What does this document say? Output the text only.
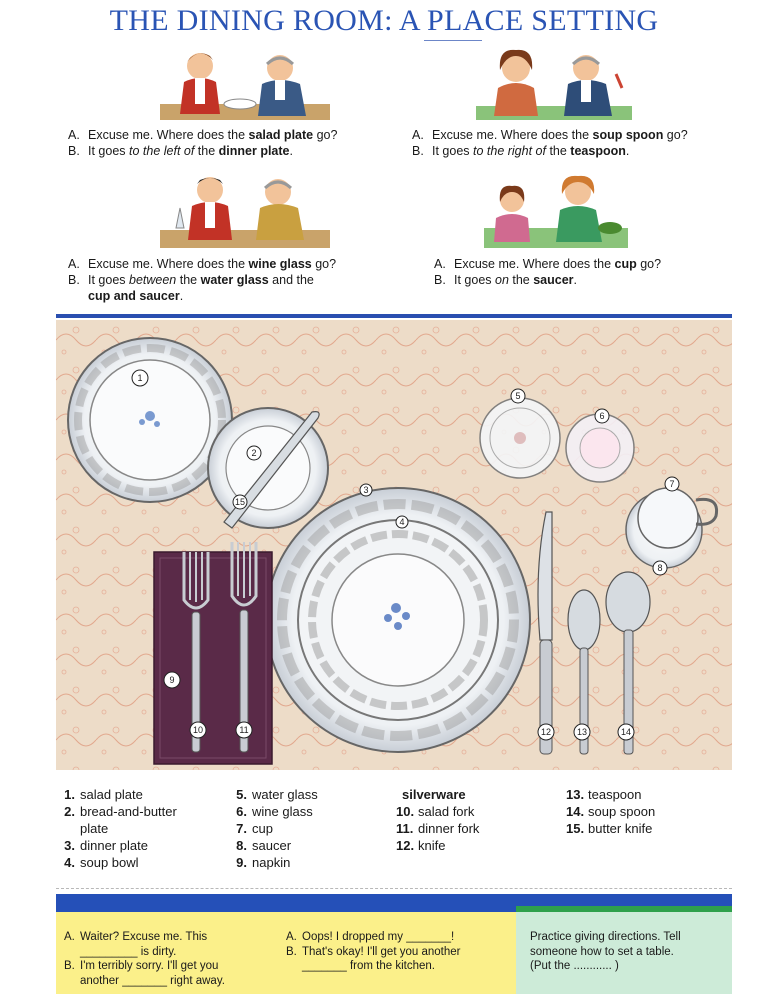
THE DINING ROOM: A PLACE SETTING
A. Excuse me. Where does the salad plate go?
B. It goes to the left of the dinner plate.
A. Excuse me. Where does the soup spoon go?
B. It goes to the right of the teaspoon.
A. Excuse me. Where does the wine glass go?
B. It goes between the water glass and the
cup and saucer.
A. Excuse me. Where does the cup go?
B. It goes on the saucer.
1
2
3
4
5
6
7
8
9
10	11	12	13	14
15
1. salad plate
2. bread-and-butter
plate
3. dinner plate
4. soup bowl
5. water glass
6. wine glass
7. cup
8. saucer
9. napkin
silverware
10. salad fork
11. dinner fork
12. knife
13. teaspoon
14. soup spoon
15. butter knife
A. Waiter? Excuse me. This
_________ is dirty.
B. I'm terribly sorry. I'll get you
another _______ right away.
A. Oops! I dropped my _______!
B. That's okay! I'll get you another
_______ from the kitchen.
Practice giving directions. Tell
someone how to set a table.
(Put the ............ )
